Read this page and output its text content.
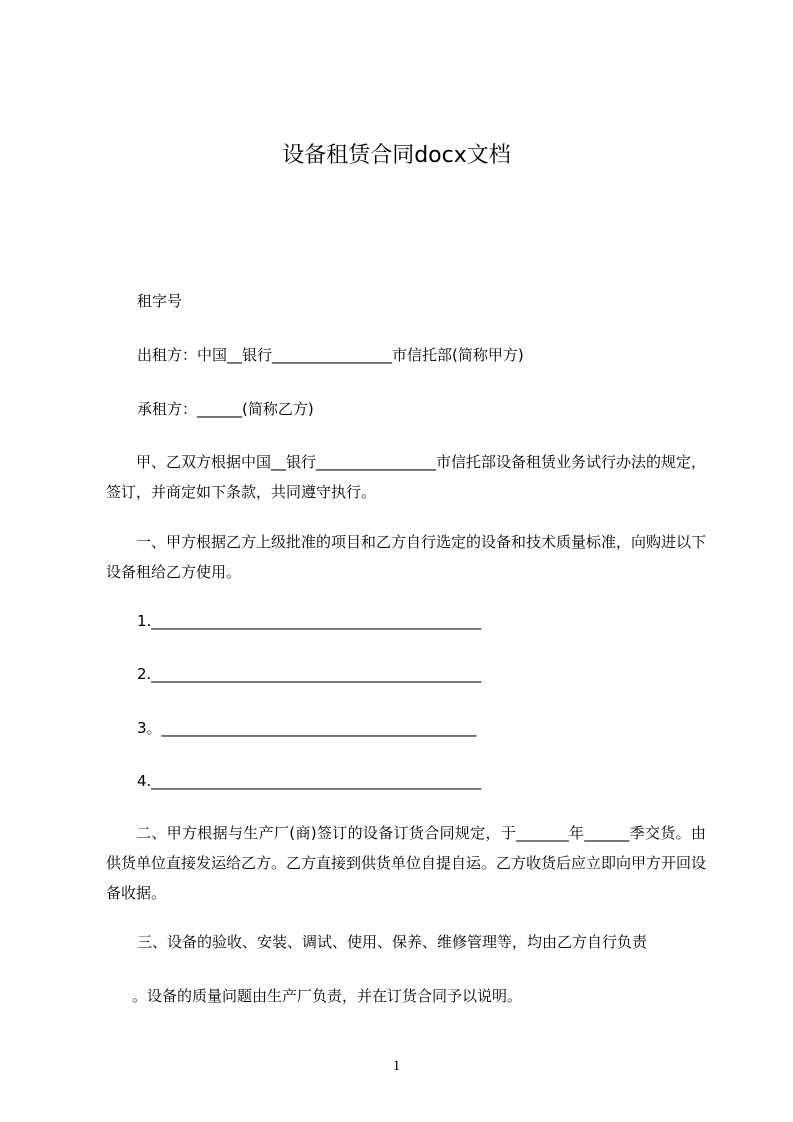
设备租赁合同docx文档
租字号
出租方：中国__银行________________市信托部(简称甲方)
承租方：______(简称乙方)
甲、乙双方根据中国__银行________________市信托部设备租赁业务试行办法的规定，签订，并商定如下条款，共同遵守执行。
一、甲方根据乙方上级批准的项目和乙方自行选定的设备和技术质量标准，向购进以下设备租给乙方使用。
1.____________________________________________
2.____________________________________________
3。__________________________________________
4.____________________________________________
二、甲方根据与生产厂(商)签订的设备订货合同规定，于_______年______季交货。由供货单位直接发运给乙方。乙方直接到供货单位自提自运。乙方收货后应立即向甲方开回设备收据。
三、设备的验收、安装、调试、使用、保养、维修管理等，均由乙方自行负责
。设备的质量问题由生产厂负责，并在订货合同予以说明。
1
